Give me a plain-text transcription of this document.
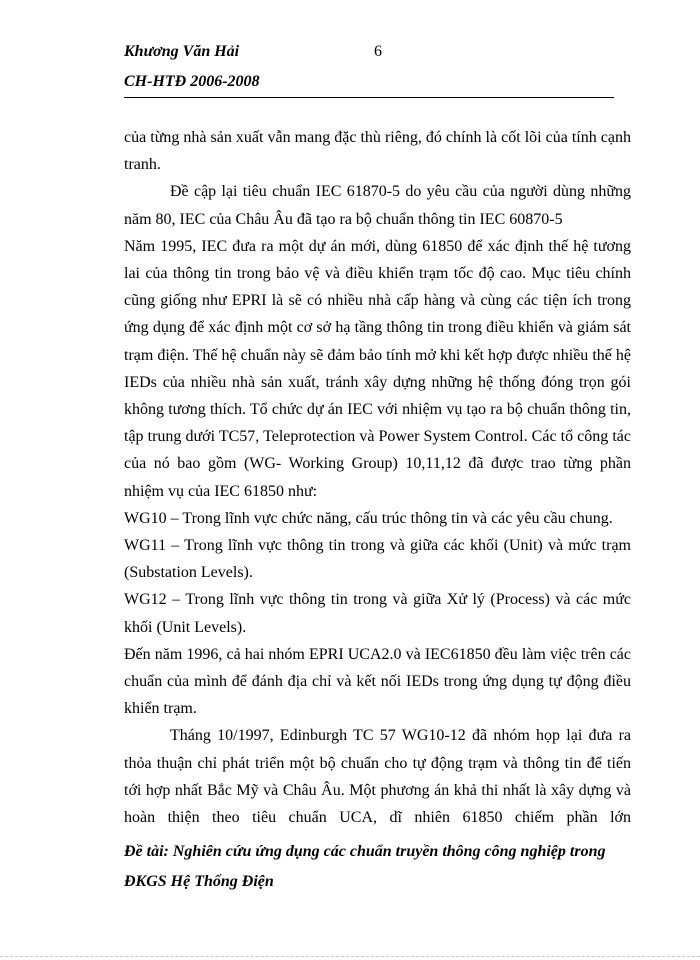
Khương Văn Hải	6
CH-HTĐ 2006-2008

của từng nhà sản xuất vẫn mang đặc thù riêng, đó chính là cốt lõi của tính cạnh tranh.

Đề cập lại tiêu chuẩn IEC 61870-5 do yêu cầu của người dùng những năm 80, IEC của Châu Âu đã tạo ra bộ chuẩn thông tin IEC 60870-5

Năm 1995, IEC đưa ra một dự án mới, dùng 61850 để xác định thế hệ tương lai của thông tin trong bảo vệ và điều khiển trạm tốc độ cao. Mục tiêu chính cũng giống như EPRI là sẽ có nhiều nhà cấp hàng và cùng các tiện ích trong ứng dụng để xác định một cơ sở hạ tầng thông tin trong điều khiển và giám sát trạm điện. Thế hệ chuẩn này sẽ đảm bảo tính mở khi kết hợp được nhiều thế hệ IEDs của nhiều nhà sản xuất, tránh xây dựng những hệ thống đóng trọn gói không tương thích. Tổ chức dự án IEC với nhiệm vụ tạo ra bộ chuẩn thông tin, tập trung dưới TC57, Teleprotection và Power System Control. Các tổ công tác của nó bao gồm (WG- Working Group) 10,11,12 đã được trao từng phần nhiệm vụ của IEC 61850 như:

WG10 – Trong lĩnh vực chức năng, cấu trúc thông tin và các yêu cầu chung.

WG11 – Trong lĩnh vực thông tin trong và giữa các khối (Unit) và mức trạm (Substation Levels).

WG12 – Trong lĩnh vực thông tin trong và giữa Xử lý (Process) và các mức khối (Unit Levels).

Đến năm 1996, cả hai nhóm EPRI UCA2.0 và IEC61850 đều làm việc trên các chuẩn của mình để đánh địa chỉ và kết nối IEDs trong ứng dụng tự động điều khiển trạm.

Tháng 10/1997, Edinburgh TC 57 WG10-12 đã nhóm họp lại đưa ra thỏa thuận chỉ phát triển một bộ chuẩn cho tự động trạm và thông tin để tiến tới hợp nhất Bắc Mỹ và Châu Âu. Một phương án khả thi nhất là xây dựng và hoàn thiện theo tiêu chuẩn UCA, dĩ nhiên 61850 chiếm phần lớn

Đề tài: Nghiên cứu ứng dụng các chuẩn truyền thông công nghiệp trong
ĐKGS Hệ Thống Điện
